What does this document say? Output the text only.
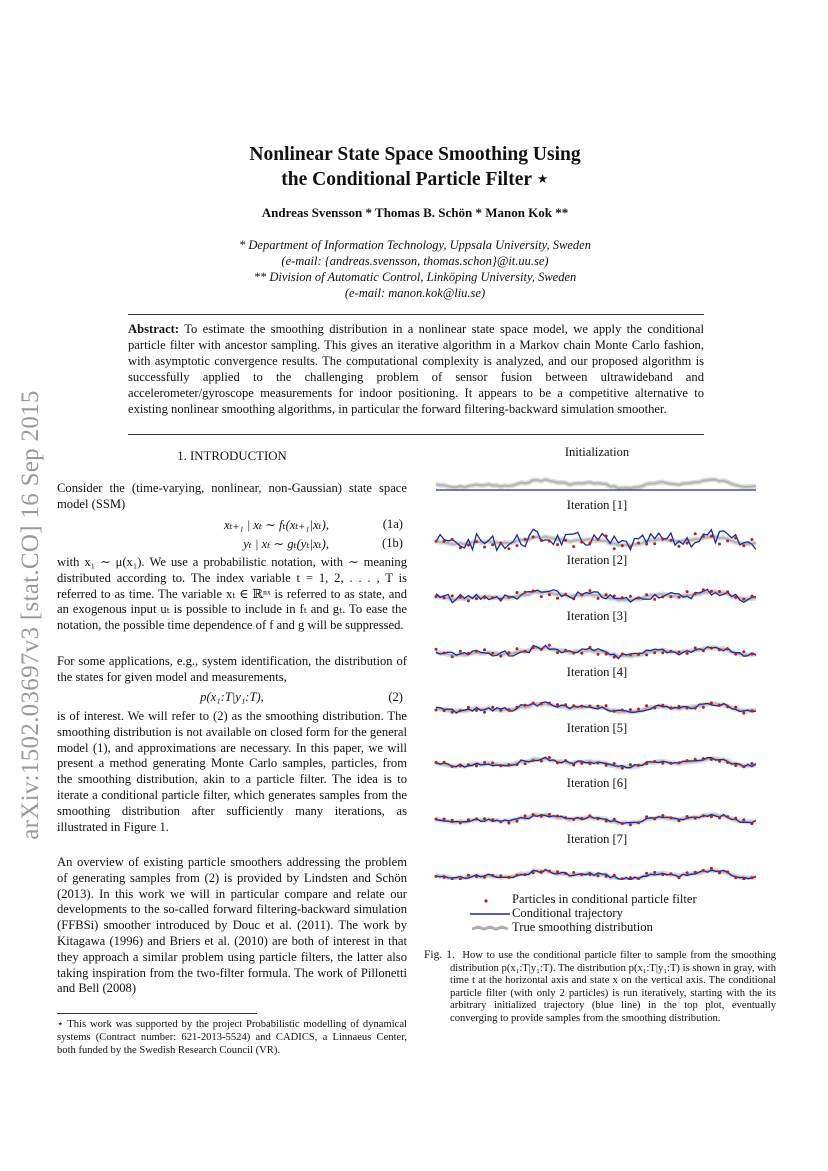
arXiv:1502.03697v3 [stat.CO] 16 Sep 2015
Nonlinear State Space Smoothing Using
the Conditional Particle Filter ⋆
Andreas Svensson * Thomas B. Schön * Manon Kok **
* Department of Information Technology, Uppsala University, Sweden
(e-mail: {andreas.svensson, thomas.schon}@it.uu.se)
** Division of Automatic Control, Linköping University, Sweden
(e-mail: manon.kok@liu.se)
Abstract: To estimate the smoothing distribution in a nonlinear state space model, we apply the conditional particle filter with ancestor sampling. This gives an iterative algorithm in a Markov chain Monte Carlo fashion, with asymptotic convergence results. The computational complexity is analyzed, and our proposed algorithm is successfully applied to the challenging problem of sensor fusion between ultrawideband and accelerometer/gyroscope measurements for indoor positioning. It appears to be a competitive alternative to existing nonlinear smoothing algorithms, in particular the forward filtering-backward simulation smoother.
1. INTRODUCTION
Consider the (time-varying, nonlinear, non-Gaussian) state space model (SSM)
xₜ₊₁ | xₜ ∼ fₜ(xₜ₊₁|xₜ),	(1a)
yₜ | xₜ ∼ gₜ(yₜ|xₜ),	(1b)
with x₁ ∼ μ(x₁). We use a probabilistic notation, with ∼ meaning distributed according to. The index variable t = 1, 2, . . . , T is referred to as time. The variable xₜ ∈ ℝⁿˣ is referred to as state, and an exogenous input uₜ is possible to include in fₜ and gₜ. To ease the notation, the possible time dependence of f and g will be suppressed.
For some applications, e.g., system identification, the distribution of the states for given model and measurements,
p(x₁:T|y₁:T),	(2)
is of interest. We will refer to (2) as the smoothing distribution. The smoothing distribution is not available on closed form for the general model (1), and approximations are necessary. In this paper, we will present a method generating Monte Carlo samples, particles, from the smoothing distribution, akin to a particle filter. The idea is to iterate a conditional particle filter, which generates samples from the smoothing distribution after sufficiently many iterations, as illustrated in Figure 1.
An overview of existing particle smoothers addressing the problem of generating samples from (2) is provided by Lindsten and Schön (2013). In this work we will in particular compare and relate our developments to the so-called forward filtering-backward simulation (FFBSi) smoother introduced by Douc et al. (2011). The work by Kitagawa (1996) and Briers et al. (2010) are both of interest in that they approach a similar problem using particle filters, the latter also taking inspiration from the two-filter formula. The work of Pillonetti and Bell (2008)
⋆ This work was supported by the project Probabilistic modelling of dynamical systems (Contract number: 621-2013-5524) and CADICS, a Linnaeus Center, both funded by the Swedish Research Council (VR).
Initialization
Iteration [1]
Iteration [2]
Iteration [3]
Iteration [4]
Iteration [5]
Iteration [6]
Iteration [7]
Particles in conditional particle filter
Conditional trajectory
True smoothing distribution
Fig. 1. How to use the conditional particle filter to sample from the smoothing distribution p(x₁:T|y₁:T). The distribution p(x₁:T|y₁:T) is shown in gray, with time t at the horizontal axis and state x on the vertical axis. The conditional particle filter (with only 2 particles) is run iteratively, starting with the its arbitrary initialized trajectory (blue line) in the top plot, eventually converging to provide samples from the smoothing distribution.
